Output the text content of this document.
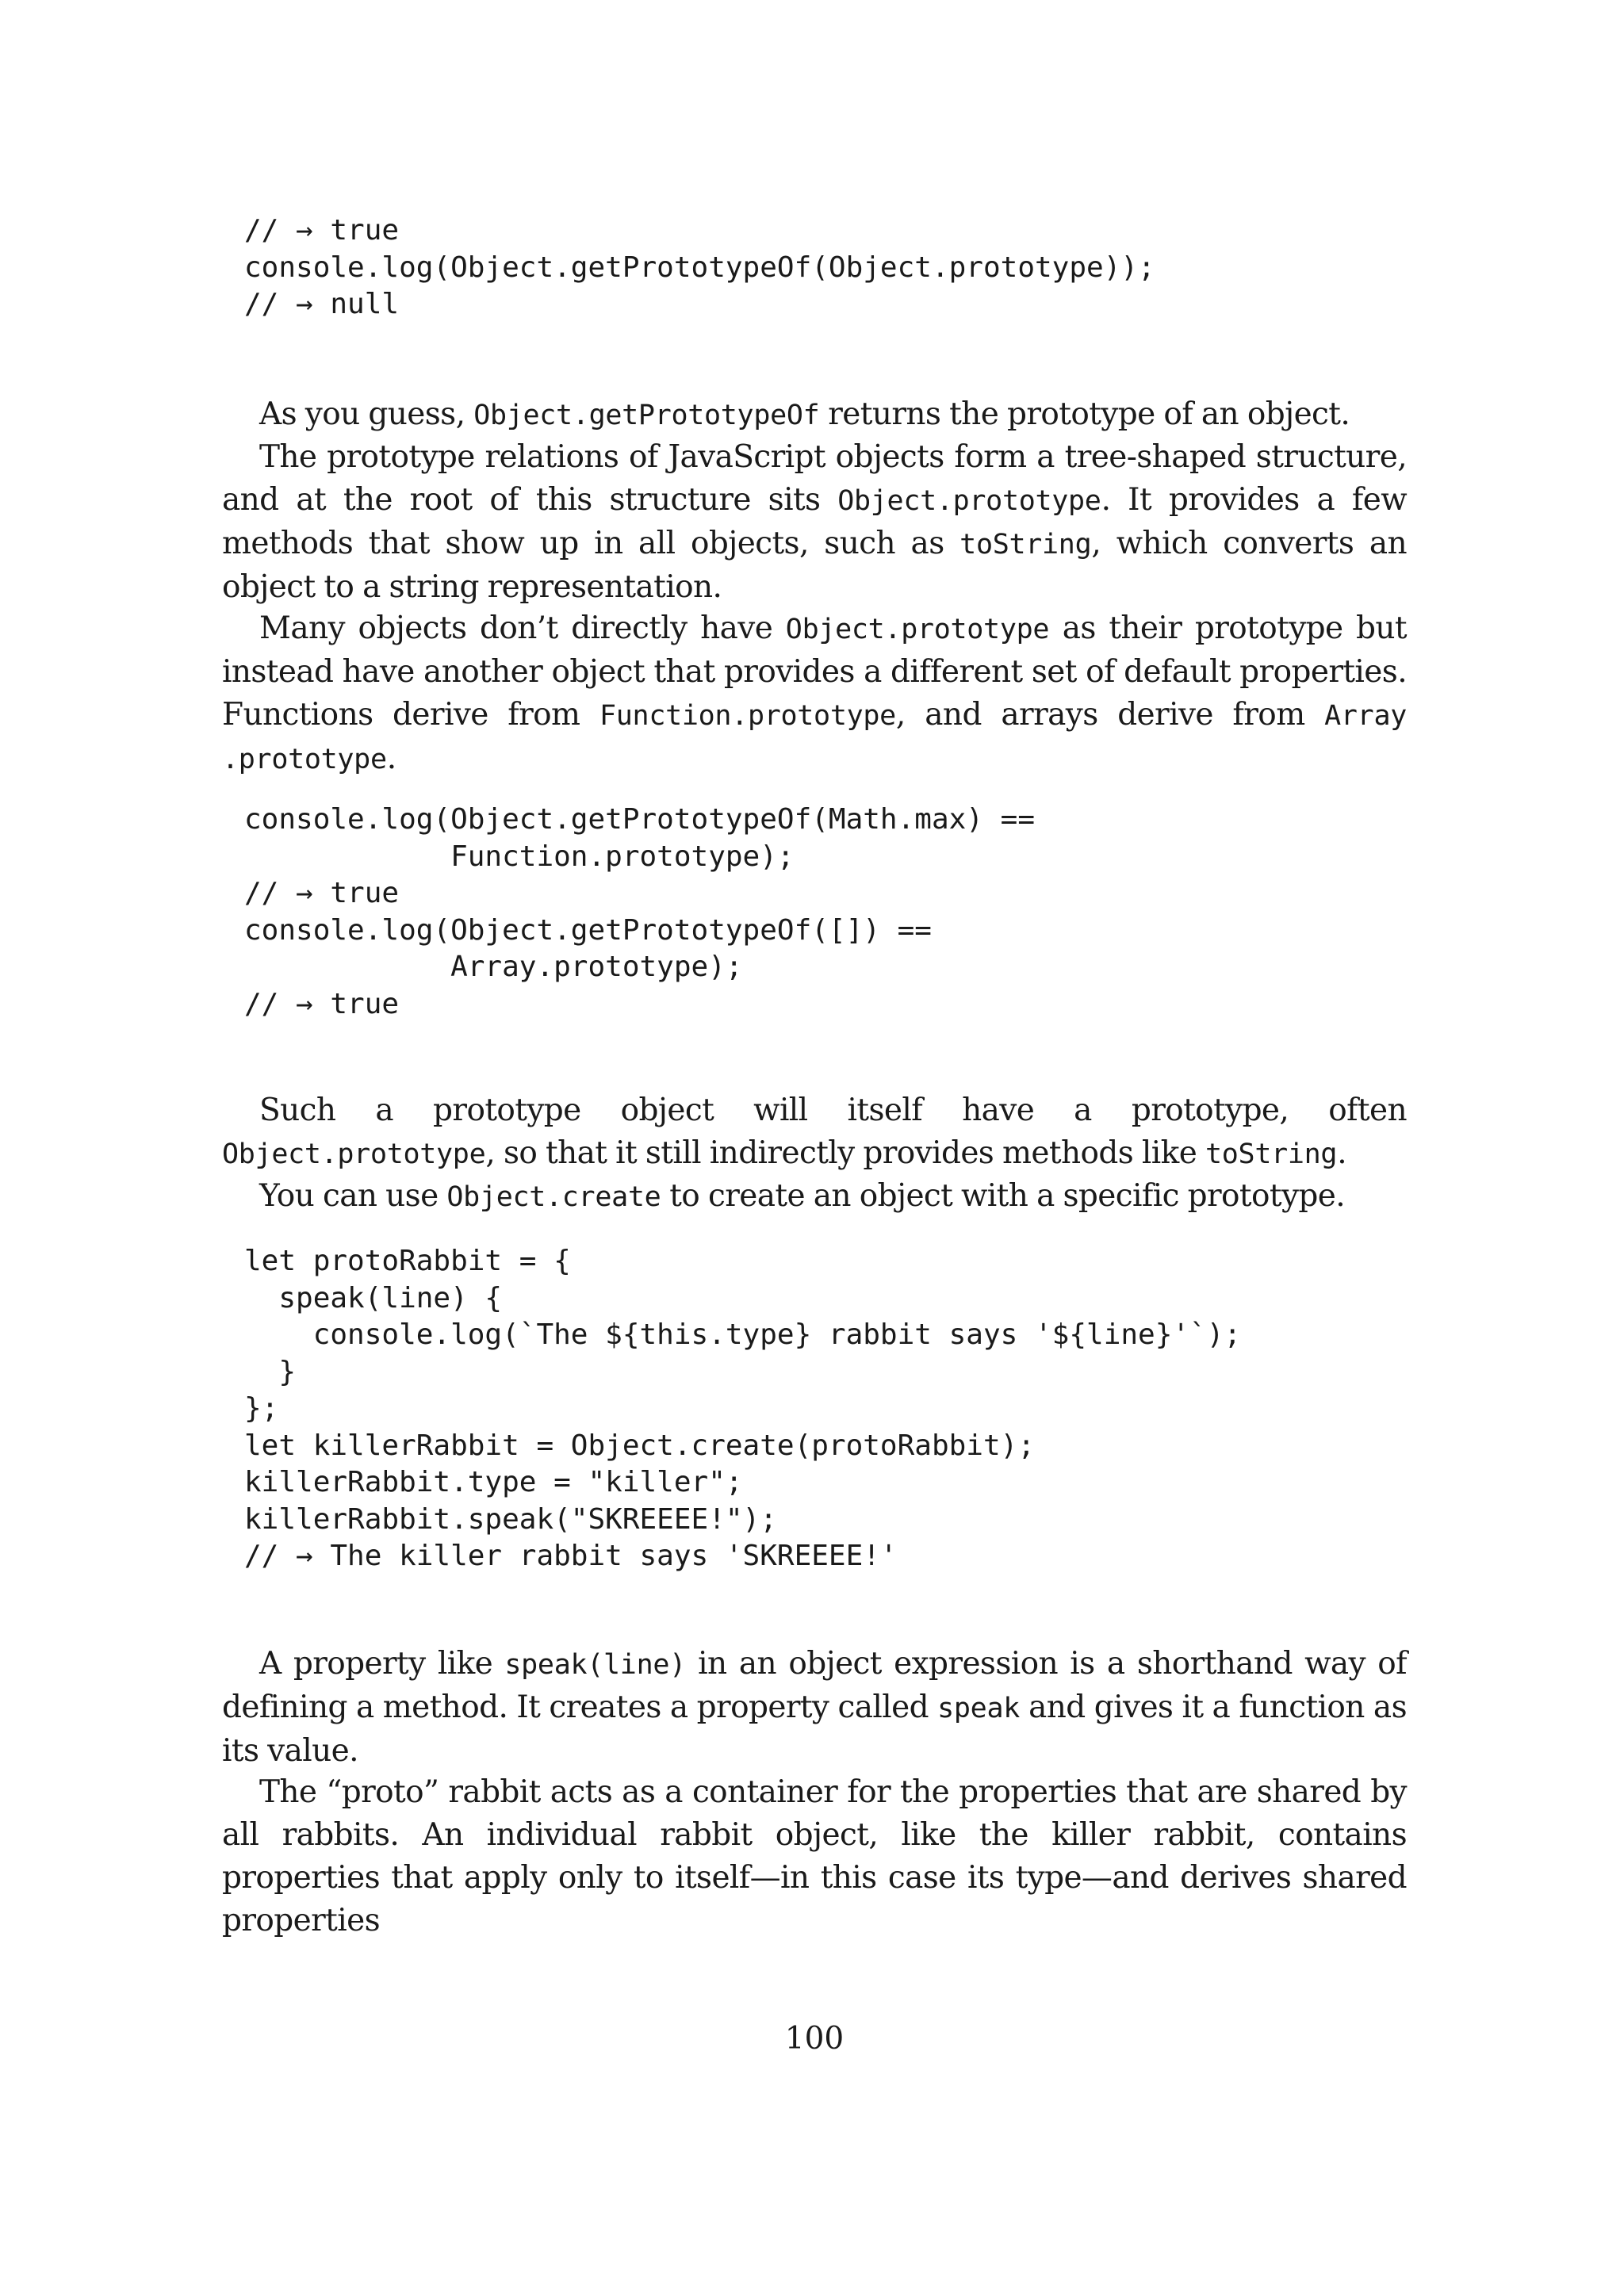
// → true
console.log(Object.getPrototypeOf(Object.prototype));
// → null

As you guess, Object.getPrototypeOf returns the prototype of an object.

The prototype relations of JavaScript objects form a tree-shaped structure, and at the root of this structure sits Object.prototype. It provides a few methods that show up in all objects, such as toString, which converts an object to a string representation.

Many objects don’t directly have Object.prototype as their prototype but instead have another object that provides a different set of default properties. Functions derive from Function.prototype, and arrays derive from Array .prototype.

console.log(Object.getPrototypeOf(Math.max) ==
Function.prototype);
// → true
console.log(Object.getPrototypeOf([]) ==
Array.prototype);
// → true

Such a prototype object will itself have a prototype, often Object.prototype, so that it still indirectly provides methods like toString.

You can use Object.create to create an object with a specific prototype.

let protoRabbit = {
speak(line) {
console.log(`The ${this.type} rabbit says '${line}'`);
}
};
let killerRabbit = Object.create(protoRabbit);
killerRabbit.type = "killer";
killerRabbit.speak("SKREEEE!");
// → The killer rabbit says 'SKREEEE!'

A property like speak(line) in an object expression is a shorthand way of defining a method. It creates a property called speak and gives it a function as its value.

The “proto” rabbit acts as a container for the properties that are shared by all rabbits. An individual rabbit object, like the killer rabbit, contains properties that apply only to itself—in this case its type—and derives shared properties

100
